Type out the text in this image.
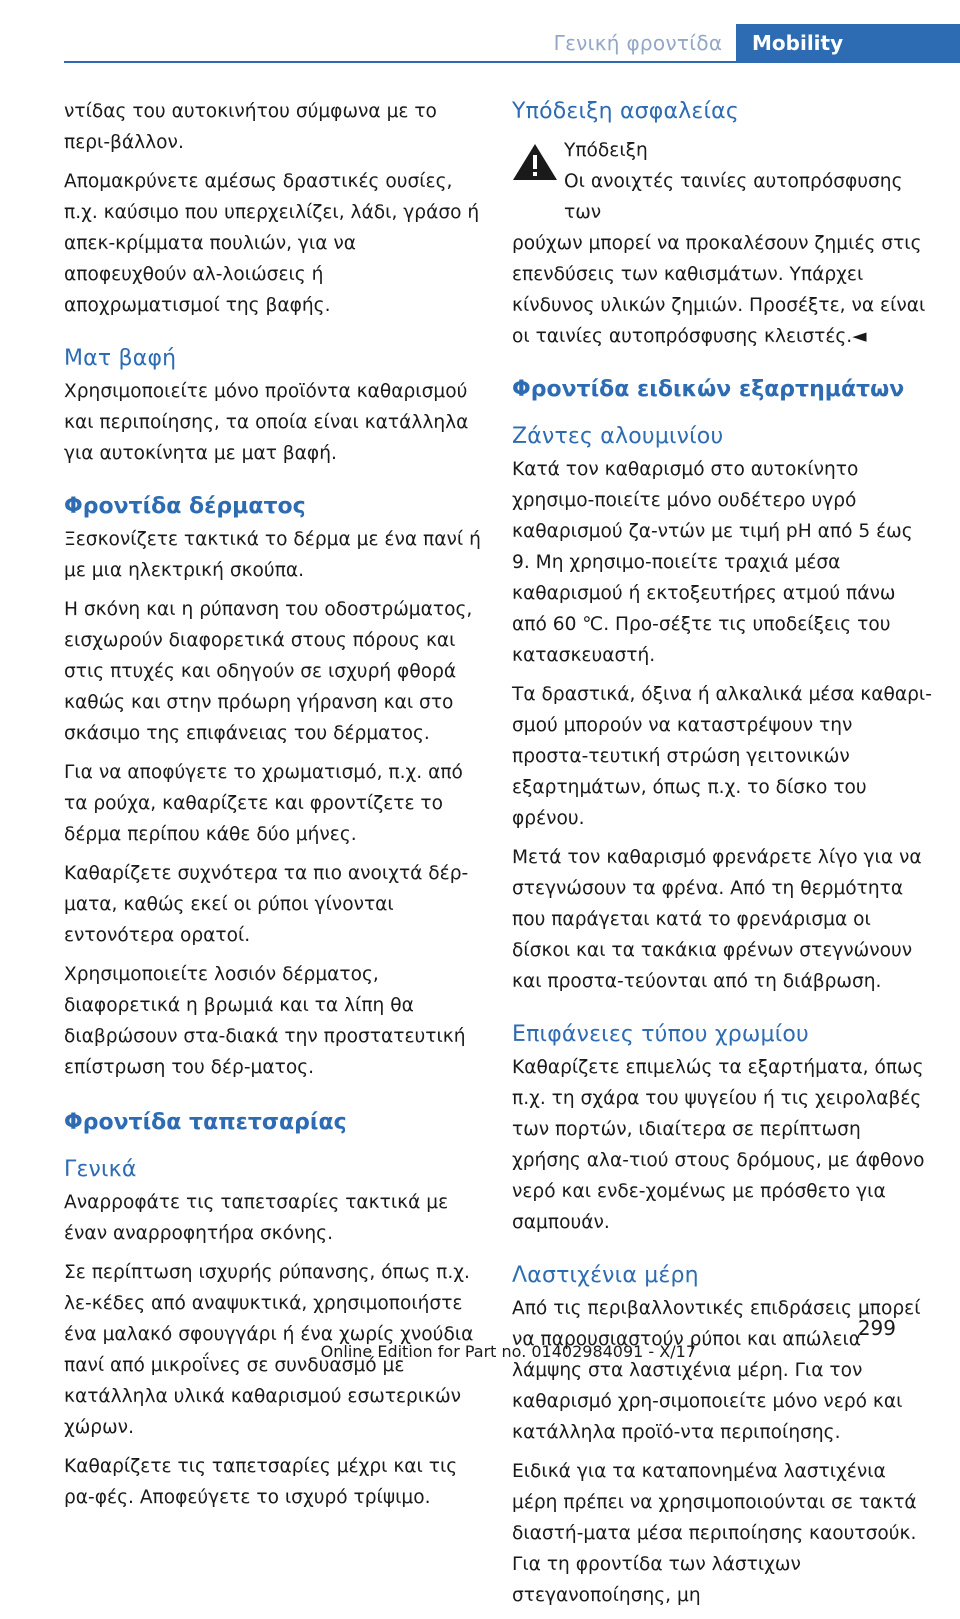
Γενική φροντίδα	Mobility

ντίδας του αυτοκινήτου σύμφωνα με το περι-βάλλον.

Απομακρύνετε αμέσως δραστικές ουσίες, π.χ. καύσιμο που υπερχειλίζει, λάδι, γράσο ή απεκ-κρίμματα πουλιών, για να αποφευχθούν αλ-λοιώσεις ή αποχρωματισμοί της βαφής.

Ματ βαφή

Χρησιμοποιείτε μόνο προϊόντα καθαρισμού και περιποίησης, τα οποία είναι κατάλληλα για αυτοκίνητα με ματ βαφή.

Φροντίδα δέρματος

Ξεσκονίζετε τακτικά το δέρμα με ένα πανί ή με μια ηλεκτρική σκούπα.

Η σκόνη και η ρύπανση του οδοστρώματος, εισχωρούν διαφορετικά στους πόρους και στις πτυχές και οδηγούν σε ισχυρή φθορά καθώς και στην πρόωρη γήρανση και στο σκάσιμο της επιφάνειας του δέρματος.

Για να αποφύγετε το χρωματισμό, π.χ. από τα ρούχα, καθαρίζετε και φροντίζετε το δέρμα περίπου κάθε δύο μήνες.

Καθαρίζετε συχνότερα τα πιο ανοιχτά δέρ-ματα, καθώς εκεί οι ρύποι γίνονται εντονότερα ορατοί.

Χρησιμοποιείτε λοσιόν δέρματος, διαφορετικά η βρωμιά και τα λίπη θα διαβρώσουν στα-διακά την προστατευτική επίστρωση του δέρ-ματος.

Φροντίδα ταπετσαρίας
Γενικά

Αναρροφάτε τις ταπετσαρίες τακτικά με έναν αναρροφητήρα σκόνης.

Σε περίπτωση ισχυρής ρύπανσης, όπως π.χ. λε-κέδες από αναψυκτικά, χρησιμοποιήστε ένα μαλακό σφουγγάρι ή ένα χωρίς χνούδια πανί από μικροΐνες σε συνδυασμό με κατάλληλα υλικά καθαρισμού εσωτερικών χώρων.

Καθαρίζετε τις ταπετσαρίες μέχρι και τις ρα-φές. Αποφεύγετε το ισχυρό τρίψιμο.

Υπόδειξη ασφαλείας

Υπόδειξη

Οι ανοιχτές ταινίες αυτοπρόσφυσης των

ρούχων μπορεί να προκαλέσουν ζημιές στις επενδύσεις των καθισμάτων. Υπάρχει κίνδυνος υλικών ζημιών. Προσέξτε, να είναι οι ταινίες αυτοπρόσφυσης κλειστές.◄

Φροντίδα ειδικών εξαρτημάτων
Ζάντες αλουμινίου

Κατά τον καθαρισμό στο αυτοκίνητο χρησιμο-ποιείτε μόνο ουδέτερο υγρό καθαρισμού ζα-ντών με τιμή pH από 5 έως 9. Μη χρησιμο-ποιείτε τραχιά μέσα καθαρισμού ή εκτοξευτήρες ατμού πάνω από 60 ℃. Προ-σέξτε τις υποδείξεις του κατασκευαστή.

Τα δραστικά, όξινα ή αλκαλικά μέσα καθαρι-σμού μπορούν να καταστρέψουν την προστα-τευτική στρώση γειτονικών εξαρτημάτων, όπως π.χ. το δίσκο του φρένου.

Μετά τον καθαρισμό φρενάρετε λίγο για να στεγνώσουν τα φρένα. Από τη θερμότητα που παράγεται κατά το φρενάρισμα οι δίσκοι και τα τακάκια φρένων στεγνώνουν και προστα-τεύονται από τη διάβρωση.

Επιφάνειες τύπου χρωμίου

Καθαρίζετε επιμελώς τα εξαρτήματα, όπως π.χ. τη σχάρα του ψυγείου ή τις χειρολαβές των πορτών, ιδιαίτερα σε περίπτωση χρήσης αλα-τιού στους δρόμους, με άφθονο νερό και ενδε-χομένως με πρόσθετο για σαμπουάν.

Λαστιχένια μέρη

Από τις περιβαλλοντικές επιδράσεις μπορεί να παρουσιαστούν ρύποι και απώλεια λάμψης στα λαστιχένια μέρη. Για τον καθαρισμό χρη-σιμοποιείτε μόνο νερό και κατάλληλα προϊό-ντα περιποίησης.

Ειδικά για τα καταπονημένα λαστιχένια μέρη πρέπει να χρησιμοποιούνται σε τακτά διαστή-ματα μέσα περιποίησης καουτσούκ. Για τη φροντίδα των λάστιχων στεγανοποίησης, μη

299
Online Edition for Part no. 01402984091 - X/17
